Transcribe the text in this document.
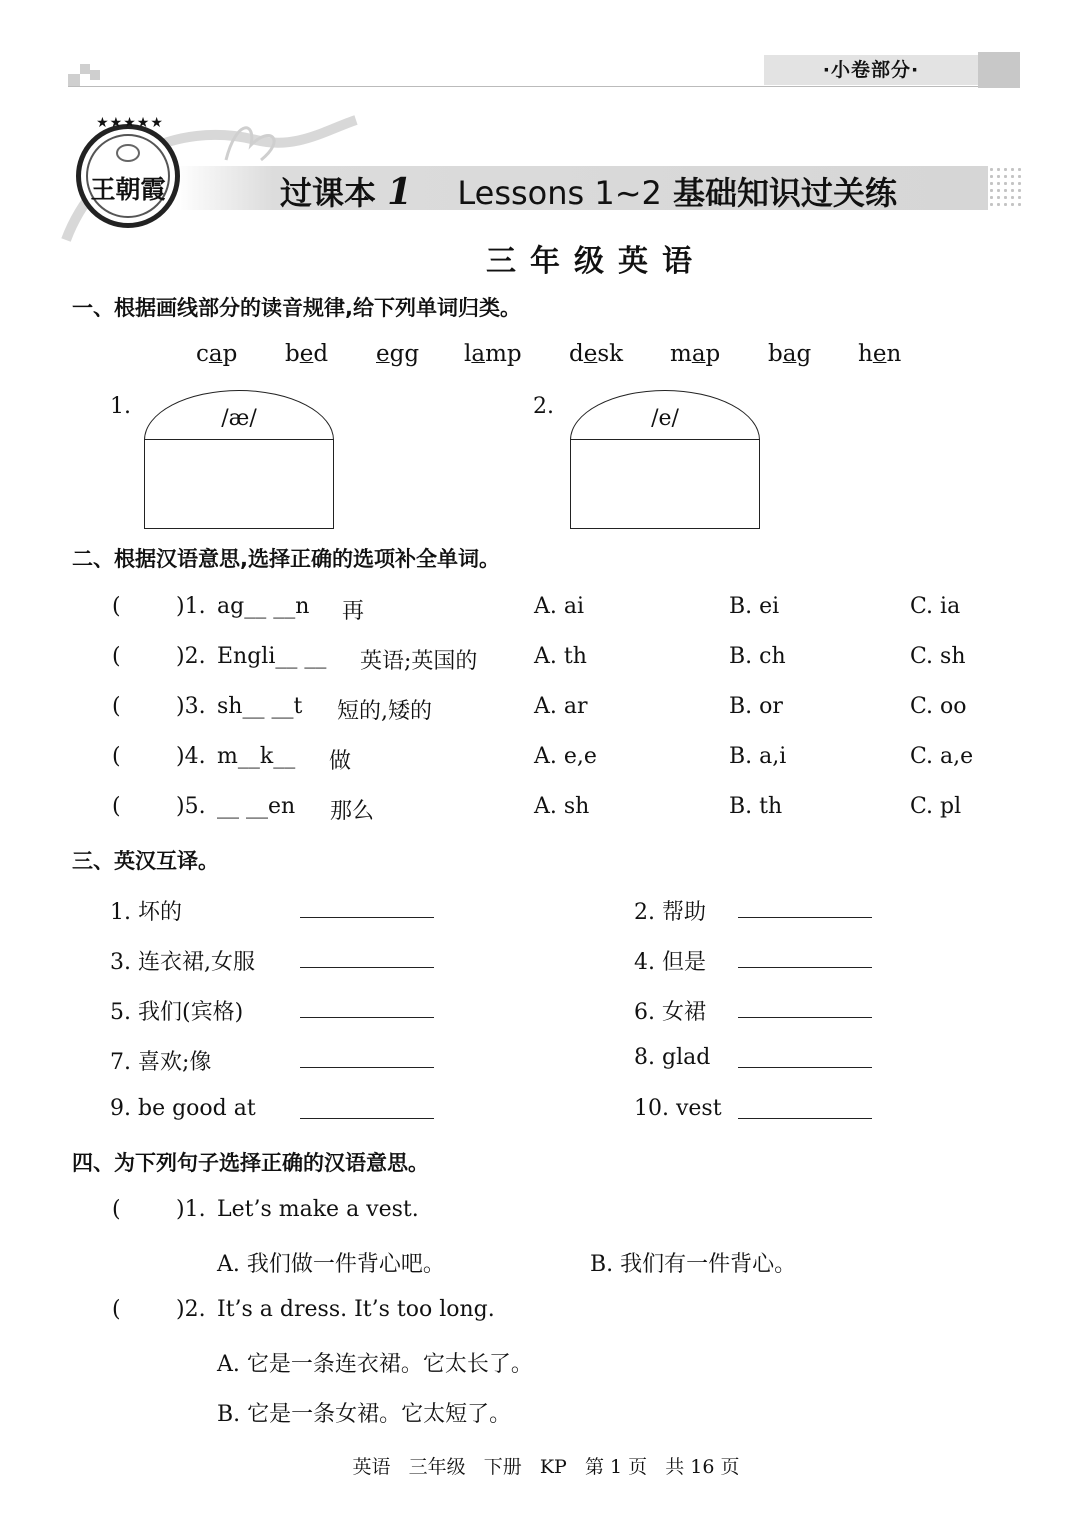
·小卷部分·
★★★★★
王朝霞	过课本 1 Lessons 1~2 基础知识过关练
三年级英语
一、根据画线部分的读音规律,给下列单词归类。
cap bed egg lamp desk map bag hen
1.	/æ/	2.	/e/
二、根据汉语意思,选择正确的选项补全单词。
(	)1. ag__ __n 再	A. ai	B. ei	C. ia
(	)2. Engli__ __ 英语;英国的	A. th	B. ch	C. sh
(	)3. sh__ __t 短的,矮的	A. ar	B. or	C. oo
(	)4. m__k__ 做	A. e,e	B. a,i	C. a,e
(	)5. __ __en 那么	A. sh	B. th	C. pl
三、英汉互译。
1. 坏的	2. 帮助
3. 连衣裙,女服	4. 但是
5. 我们(宾格)	6. 女裙
7. 喜欢;像	8. glad
9. be good at	10. vest
四、为下列句子选择正确的汉语意思。
(	)1. Let’s make a vest.
A. 我们做一件背心吧。	B. 我们有一件背心。
(	)2. It’s a dress. It’s too long.
A. 它是一条连衣裙。它太长了。
B. 它是一条女裙。它太短了。
英语   三年级   下册   KP   第 1 页   共 16 页
